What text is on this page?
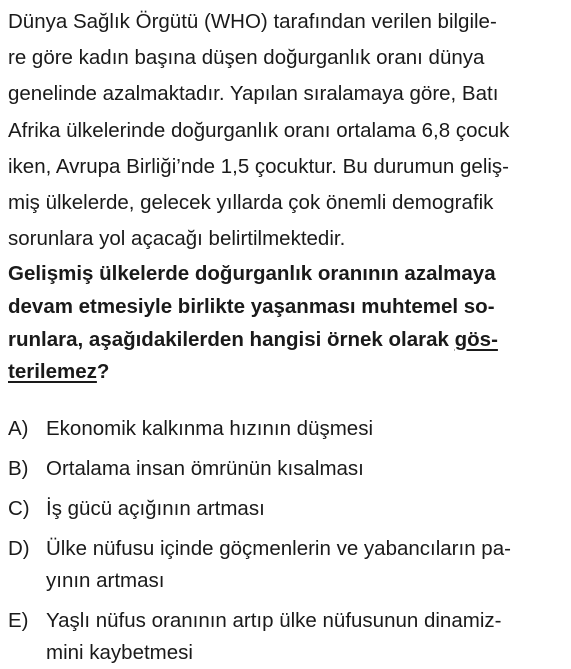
Dünya Sağlık Örgütü (WHO) tarafından verilen bilgile-
re göre kadın başına düşen doğurganlık oranı dünya
genelinde azalmaktadır. Yapılan sıralamaya göre, Batı
Afrika ülkelerinde doğurganlık oranı ortalama 6,8 çocuk
iken, Avrupa Birliği’nde 1,5 çocuktur. Bu durumun geliş-
miş ülkelerde, gelecek yıllarda çok önemli demografik
sorunlara yol açacağı belirtilmektedir.
Gelişmiş ülkelerde doğurganlık oranının azalmaya
devam etmesiyle birlikte yaşanması muhtemel so-
runlara, aşağıdakilerden hangisi örnek olarak gös-
terilemez?
A) Ekonomik kalkınma hızının düşmesi
B) Ortalama insan ömrünün kısalması
C) İş gücü açığının artması
D) Ülke nüfusu içinde göçmenlerin ve yabancıların pa-
yının artması
E) Yaşlı nüfus oranının artıp ülke nüfusunun dinamiz-
mini kaybetmesi
